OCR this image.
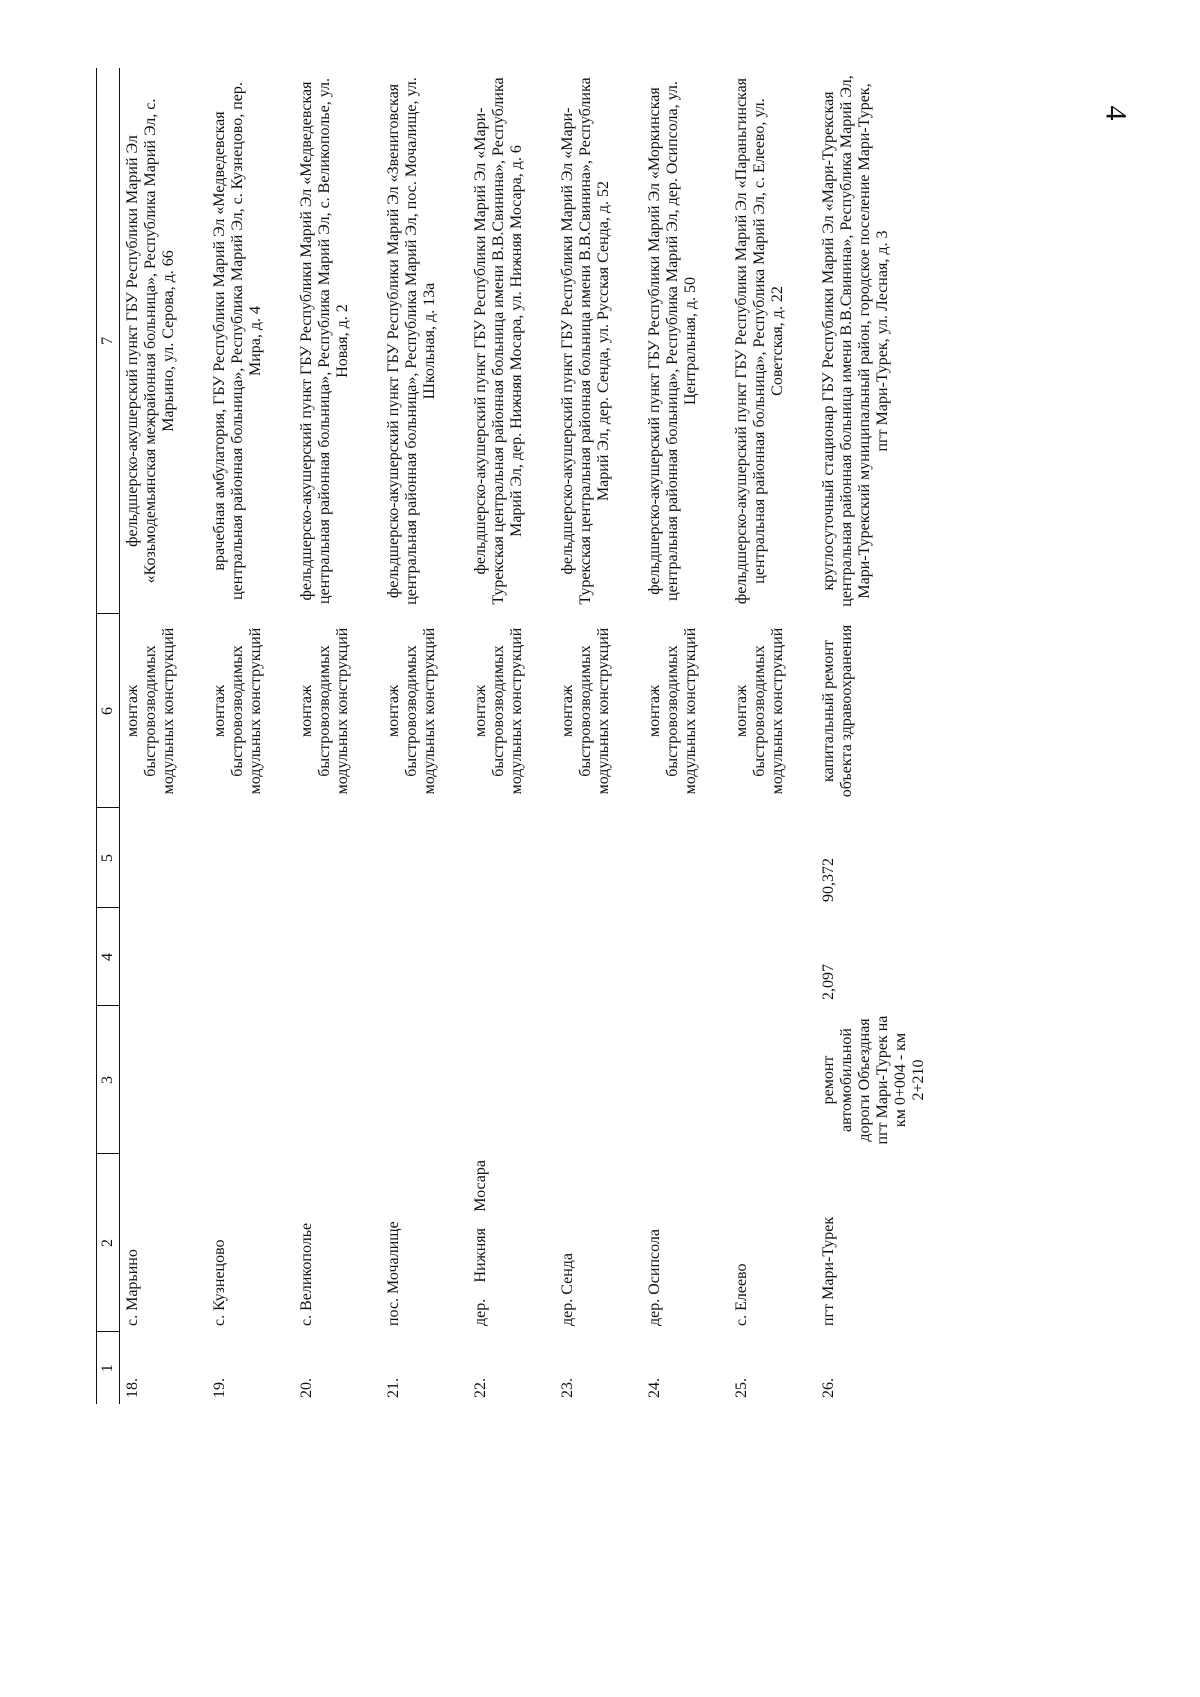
4
1	2	3	4	5	6	7
18.	с. Марьино				монтаж быстровозводимых модульных конструкций	фельдшерско-акушерский пункт ГБУ Республики Марий Эл «Козьмодемьянская межрайонная больница», Республика Марий Эл, с. Марьино, ул. Серова, д. 66
19.	с. Кузнецово				монтаж быстровозводимых модульных конструкций	врачебная амбулатория, ГБУ Республики Марий Эл «Медведевская центральная районная больница», Республика Марий Эл, с. Кузнецово, пер. Мира, д. 4
20.	с. Великополье				монтаж быстровозводимых модульных конструкций	фельдшерско-акушерский пункт ГБУ Республики Марий Эл «Медведевская центральная районная больница», Республика Марий Эл, с. Великополье, ул. Новая, д. 2
21.	пос. Мочалище				монтаж быстровозводимых модульных конструкций	фельдшерско-акушерский пункт ГБУ Республики Марий Эл «Звениговская центральная районная больница», Республика Марий Эл, пос. Мочалище, ул. Школьная, д. 13а
22.	дер. Нижняя Мосара				монтаж быстровозводимых модульных конструкций	фельдшерско-акушерский пункт ГБУ Республики Марий Эл «Мари-Турекская центральная районная больница имени В.В.Свинина», Республика Марий Эл, дер. Нижняя Мосара, ул. Нижняя Мосара, д. 6
23.	дер. Сенда				монтаж быстровозводимых модульных конструкций	фельдшерско-акушерский пункт ГБУ Республики Марий Эл «Мари-Турекская центральная районная больница имени В.В.Свинина», Республика Марий Эл, дер. Сенда, ул. Русская Сенда, д. 52
24.	дер. Осипсола				монтаж быстровозводимых модульных конструкций	фельдшерско-акушерский пункт ГБУ Республики Марий Эл «Моркинская центральная районная больница», Республика Марий Эл, дер. Осипсола, ул. Центральная, д. 50
25.	с. Елеево				монтаж быстровозводимых модульных конструкций	фельдшерско-акушерский пункт ГБУ Республики Марий Эл «Параньгинская центральная районная больница», Республика Марий Эл, с. Елеево, ул. Советская, д. 22
26.	пгт Мари-Турек	ремонт автомобильной дороги Объездная пгт Мари-Турек на км 0+004 - км 2+210	2,097	90,372	капитальный ремонт объекта здравоохранения	круглосуточный стационар ГБУ Республики Марий Эл «Мари-Турекская центральная районная больница имени В.В.Свинина», Республика Марий Эл, Мари-Турекский муниципальный район, городское поселение Мари-Турек, пгт Мари-Турек, ул. Лесная, д. 3
